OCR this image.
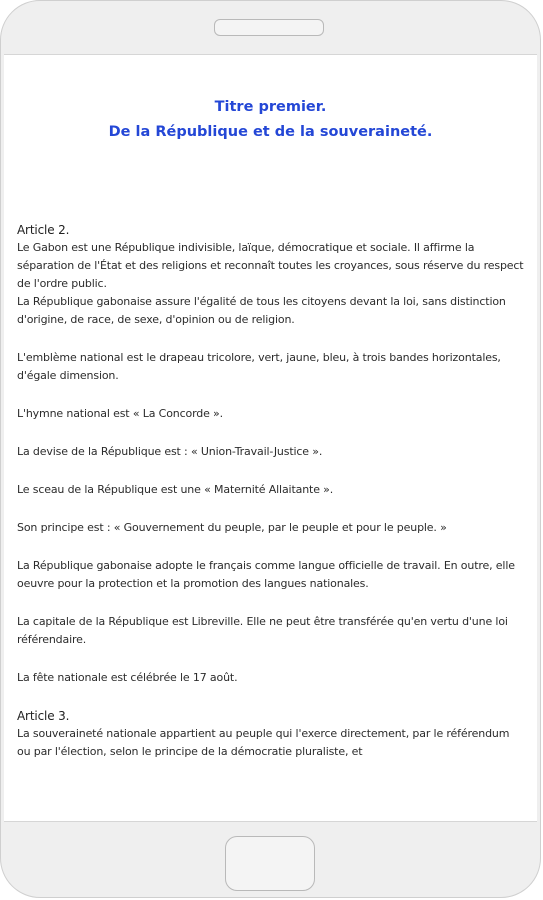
Titre premier.
De la République et de la souveraineté.
Article 2.

Le Gabon est une République indivisible, laïque, démocratique et sociale. Il affirme la séparation de l'État et des religions et reconnaît toutes les croyances, sous réserve du respect de l'ordre public.

La République gabonaise assure l'égalité de tous les citoyens devant la loi, sans distinction d'origine, de race, de sexe, d'opinion ou de religion.

L'emblème national est le drapeau tricolore, vert, jaune, bleu, à trois bandes horizontales, d'égale dimension.

L'hymne national est « La Concorde ».

La devise de la République est : « Union-Travail-Justice ».

Le sceau de la République est une « Maternité Allaitante ».

Son principe est : « Gouvernement du peuple, par le peuple et pour le peuple. »

La République gabonaise adopte le français comme langue officielle de travail. En outre, elle oeuvre pour la protection et la promotion des langues nationales.

La capitale de la République est Libreville. Elle ne peut être transférée qu'en vertu d'une loi référendaire.

La fête nationale est célébrée le 17 août.

Article 3.

La souveraineté nationale appartient au peuple qui l'exerce directement, par le référendum ou par l'élection, selon le principe de la démocratie pluraliste, et
